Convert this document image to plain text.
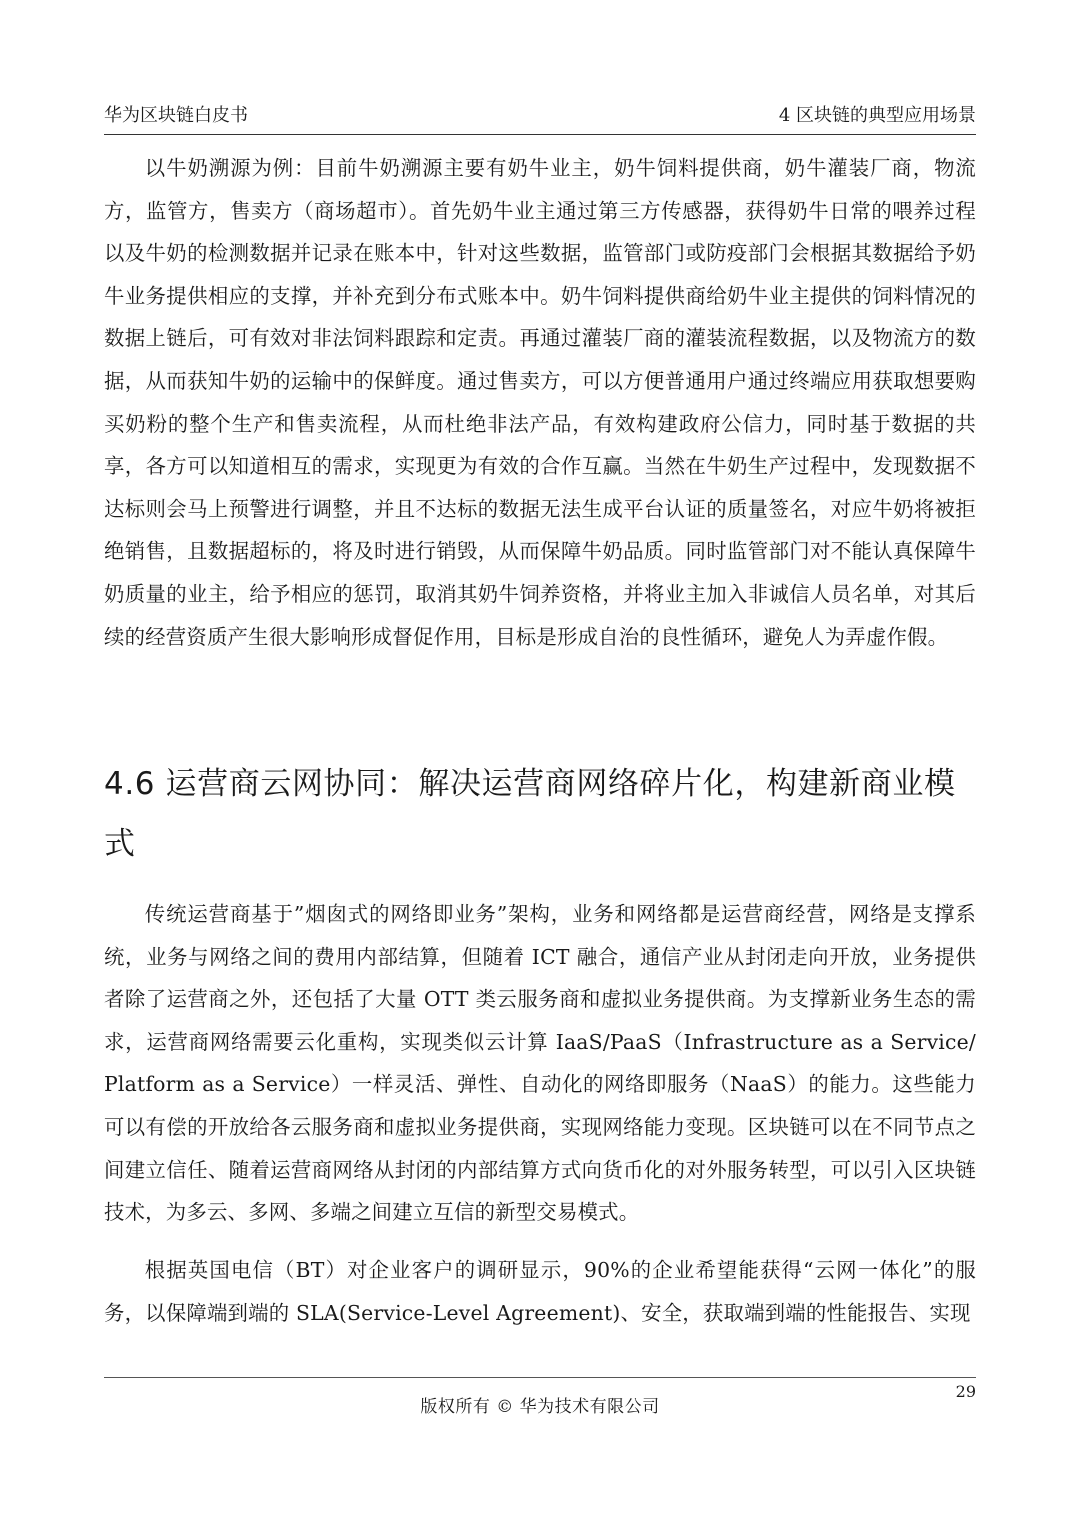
华为区块链白皮书	4 区块链的典型应用场景

以牛奶溯源为例：目前牛奶溯源主要有奶牛业主，奶牛饲料提供商，奶牛灌装厂商，物流方，监管方，售卖方（商场超市）。首先奶牛业主通过第三方传感器，获得奶牛日常的喂养过程以及牛奶的检测数据并记录在账本中，针对这些数据，监管部门或防疫部门会根据其数据给予奶牛业务提供相应的支撑，并补充到分布式账本中。奶牛饲料提供商给奶牛业主提供的饲料情况的数据上链后，可有效对非法饲料跟踪和定责。再通过灌装厂商的灌装流程数据，以及物流方的数据，从而获知牛奶的运输中的保鲜度。通过售卖方，可以方便普通用户通过终端应用获取想要购买奶粉的整个生产和售卖流程，从而杜绝非法产品，有效构建政府公信力，同时基于数据的共享，各方可以知道相互的需求，实现更为有效的合作互赢。当然在牛奶生产过程中，发现数据不达标则会马上预警进行调整，并且不达标的数据无法生成平台认证的质量签名，对应牛奶将被拒绝销售，且数据超标的，将及时进行销毁，从而保障牛奶品质。同时监管部门对不能认真保障牛奶质量的业主，给予相应的惩罚，取消其奶牛饲养资格，并将业主加入非诚信人员名单，对其后续的经营资质产生很大影响形成督促作用，目标是形成自治的良性循环，避免人为弄虚作假。

4.6 运营商云网协同：解决运营商网络碎片化，构建新商业模式

传统运营商基于”烟囱式的网络即业务”架构，业务和网络都是运营商经营，网络是支撑系统，业务与网络之间的费用内部结算，但随着 ICT 融合，通信产业从封闭走向开放，业务提供者除了运营商之外，还包括了大量 OTT 类云服务商和虚拟业务提供商。为支撑新业务生态的需求，运营商网络需要云化重构，实现类似云计算 IaaS/PaaS（Infrastructure as a Service/ Platform as a Service）一样灵活、弹性、自动化的网络即服务（NaaS）的能力。这些能力可以有偿的开放给各云服务商和虚拟业务提供商，实现网络能力变现。区块链可以在不同节点之间建立信任、随着运营商网络从封闭的内部结算方式向货币化的对外服务转型，可以引入区块链技术，为多云、多网、多端之间建立互信的新型交易模式。

根据英国电信（BT）对企业客户的调研显示，90%的企业希望能获得“云网一体化”的服务，以保障端到端的 SLA(Service-Level Agreement)、安全，获取端到端的性能报告、实现

29
版权所有 © 华为技术有限公司
